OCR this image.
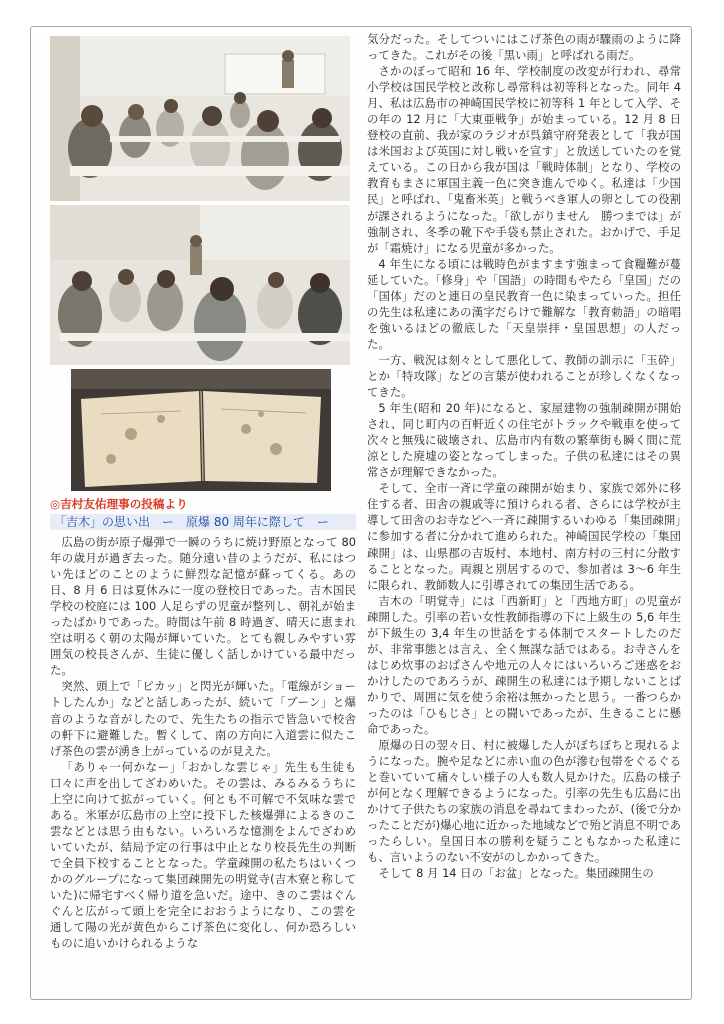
◎吉村友佑理事の投稿より
「吉木」の思い出　ー　原爆 80 周年に際して　ー

広島の街が原子爆弾で一瞬のうちに焼け野原となって 80 年の歳月が過ぎ去った。随分遠い昔のようだが、私にはつい先ほどのことのように鮮烈な記憶が蘇ってくる。あの日、8 月 6 日は夏休みに一度の登校日であった。吉木国民学校の校庭には 100 人足らずの児童が整列し、朝礼が始まったばかりであった。時間は午前 8 時過ぎ、晴天に恵まれ空は明るく朝の太陽が輝いていた。とても親しみやすい雰囲気の校長さんが、生徒に優しく話しかけている最中だった。

突然、頭上で「ピカッ」と閃光が輝いた。「電線がショートしたんか」などと話しあったが、続いて「ブーン」と爆音のような音がしたので、先生たちの指示で皆急いで校舎の軒下に避難した。暫くして、南の方向に入道雲に似たこげ茶色の雲が湧き上がっているのが見えた。

「ありゃ一何かなー」「おかしな雲じゃ」先生も生徒も口々に声を出してざわめいた。その雲は、みるみるうちに上空に向けて拡がっていく。何とも不可解で不気味な雲である。米軍が広島市の上空に投下した核爆弾によるきのこ雲などとは思う由もない。いろいろな憶測をよんでざわめいていたが、結局予定の行事は中止となり校長先生の判断で全員下校することとなった。学童疎開の私たちはいくつかのグループになって集団疎開先の明覚寺(吉木寮と称していた)に帰宅すべく帰り道を急いだ。途中、きのこ雲はぐんぐんと広がって頭上を完全におおうようになり、この雲を通して陽の光が黄色からこげ茶色に変化し、何か恐ろしいものに追いかけられるような

気分だった。そしてついにはこげ茶色の雨が驟雨のように降ってきた。これがその後「黒い雨」と呼ばれる雨だ。

さかのぼって昭和 16 年、学校制度の改変が行われ、尋常小学校は国民学校と改称し尋常科は初等科となった。同年 4 月、私は広島市の神崎国民学校に初等科 1 年として入学、その年の 12 月に「大東亜戦争」が始まっている。12 月 8 日登校の直前、我が家のラジオが呉鎮守府発表として「我が国は米国および英国に対し戦いを宣す」と放送していたのを覚えている。この日から我が国は「戦時体制」となり、学校の教育もまさに軍国主義一色に突き進んでゆく。私達は「少国民」と呼ばれ、「鬼畜米英」と戦うべき軍人の卵としての役割が課されるようになった。「欲しがりません　勝つまでは」が強制され、冬季の靴下や手袋も禁止された。おかげで、手足が「霜焼け」になる児童が多かった。

4 年生になる頃には戦時色がますます強まって食糧難が蔓延していた。「修身」や「国語」の時間もやたら「皇国」だの「国体」だのと連日の皇民教育一色に染まっていった。担任の先生は私達にあの漢字だらけで難解な「教育勅語」の暗唱を強いるほどの徹底した「天皇崇拝・皇国思想」の人だった。

一方、戦況は刻々として悪化して、教師の訓示に「玉砕」とか「特攻隊」などの言葉が使われることが珍しくなくなってきた。

5 年生(昭和 20 年)になると、家屋建物の強制疎開が開始され、同じ町内の百軒近くの住宅がトラックや戦車を使って次々と無残に破壊され、広島市内有数の繁華街も瞬く間に荒涼とした廃墟の姿となってしまった。子供の私達にはその異常さが理解できなかった。

そして、全市一斉に学童の疎開が始まり、家族で郊外に移住する者、田舎の親戚等に預けられる者、さらには学校が主導して田舎のお寺などへ一斉に疎開するいわゆる「集団疎開」に参加する者に分かれて進められた。神崎国民学校の「集団疎開」は、山県郡の吉坂村、本地村、南方村の三村に分散することとなった。両親と別居するので、参加者は 3～6 年生に限られ、教師数人に引導されての集団生活である。

吉木の「明覚寺」には「西新町」と「西地方町」の児童が疎開した。引率の若い女性教師指導の下に上級生の 5,6 年生が下級生の 3,4 年生の世話をする体制でスタートしたのだが、非常事態とは言え、全く無謀な話ではある。お寺さんをはじめ炊事のおばさんや地元の人々にはいろいろご迷惑をおかけしたのであろうが、疎開生の私達には予期しないことばかりで、周囲に気を使う余裕は無かったと思う。一番つらかったのは「ひもじさ」との闘いであったが、生きることに懸命であった。

原爆の日の翌々日、村に被爆した人がぼちぼちと現れるようになった。腕や足などに赤い血の色が滲む包帯をぐるぐると巻いていて痛々しい様子の人も数人見かけた。広島の様子が何となく理解できるようになった。引率の先生も広島に出かけて子供たちの家族の消息を尋ねてまわったが、(後で分かったことだが)爆心地に近かった地域などで殆ど消息不明であったらしい。皇国日本の勝利を疑うこともなかった私達にも、言いようのない不安がのしかかってきた。

そして 8 月 14 日の「お盆」となった。集団疎開生の
